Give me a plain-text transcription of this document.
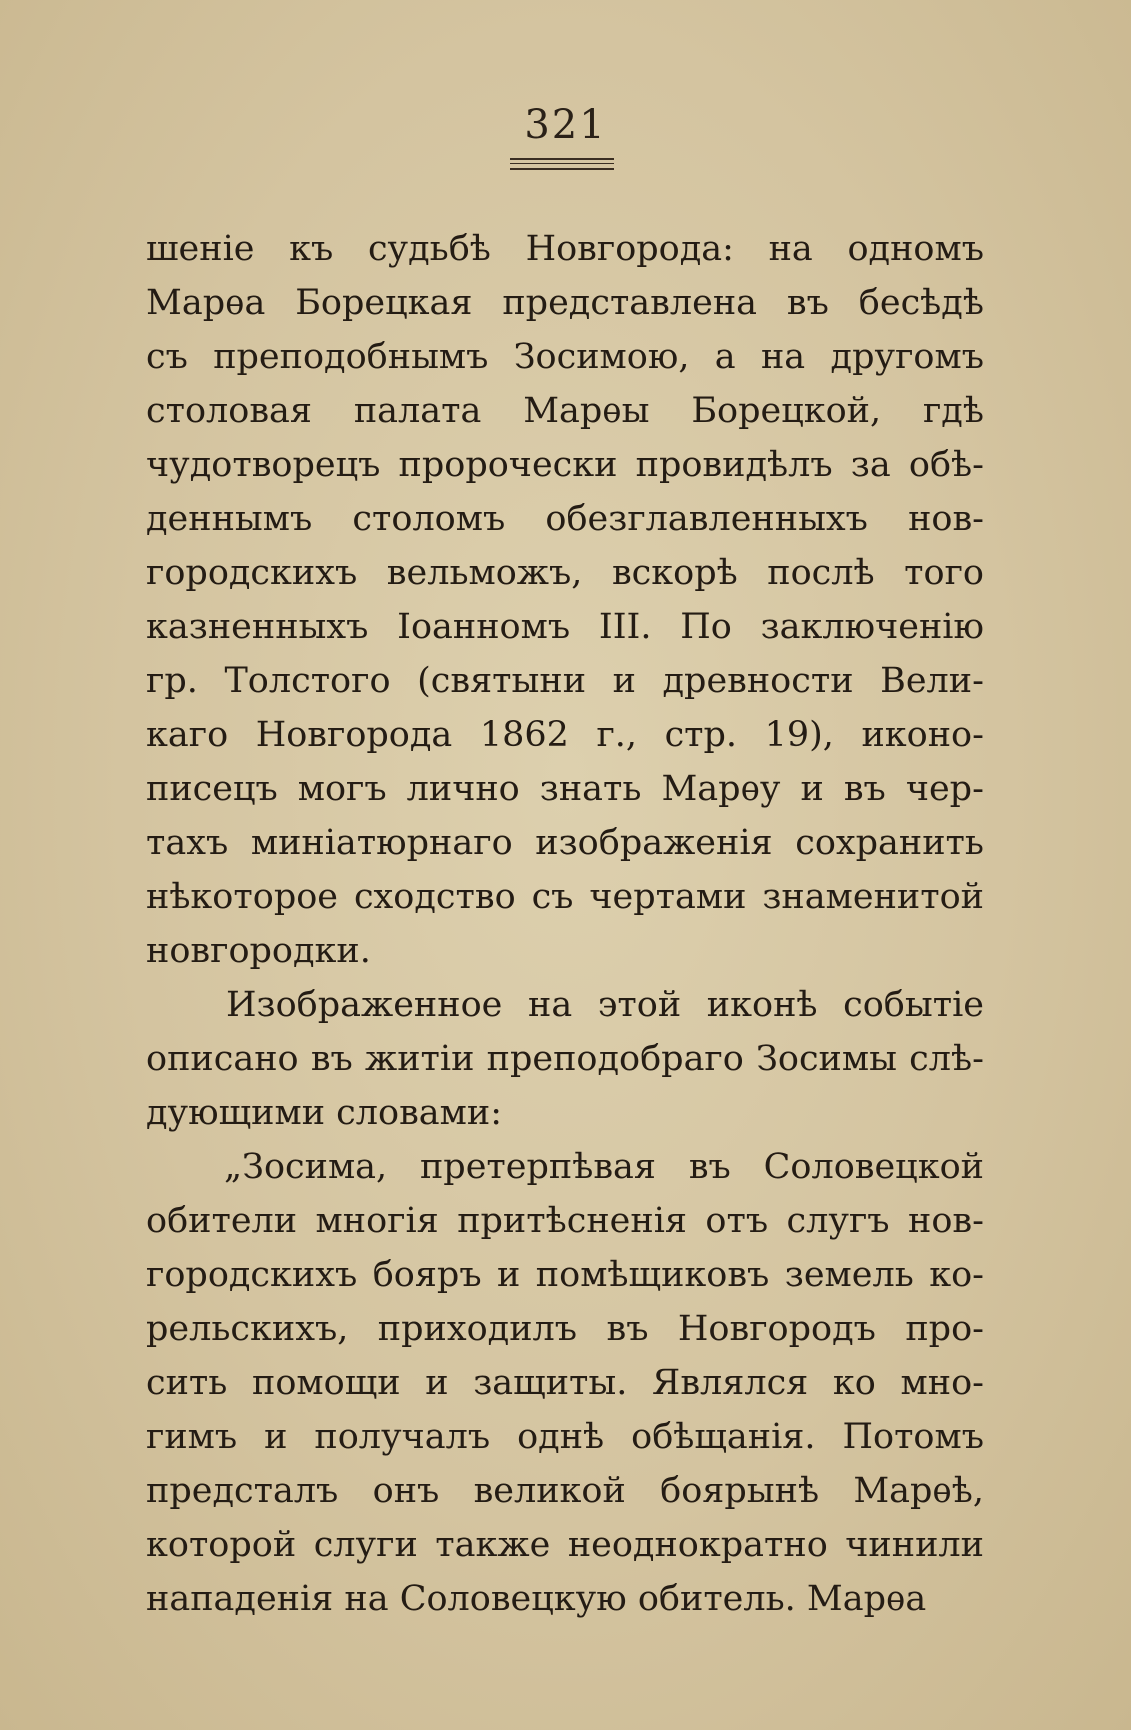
321
шеніе къ судьбѣ Новгорода: на одномъ
Марѳа Борецкая представлена въ бесѣдѣ
съ преподобнымъ Зосимою, а на другомъ
столовая палата Марѳы Борецкой, гдѣ
чудотворецъ пророчески провидѣлъ за обѣ-
деннымъ столомъ обезглавленныхъ нов-
городскихъ вельможъ, вскорѣ послѣ того
казненныхъ Іоанномъ III. По заключенію
гр. Толстого (святыни и древности Вели-
каго Новгорода 1862 г., стр. 19), иконо-
писецъ могъ лично знать Марѳу и въ чер-
тахъ миніатюрнаго изображенія сохранить
нѣкоторое сходство съ чертами знаменитой
новгородки.
Изображенное на этой иконѣ событіе
описано въ житіи преподобраго Зосимы слѣ-
дующими словами:
„Зосима, претерпѣвая въ Соловецкой
обители многія притѣсненія отъ слугъ нов-
городскихъ бояръ и помѣщиковъ земель ко-
рельскихъ, приходилъ въ Новгородъ про-
сить помощи и защиты. Являлся ко мно-
гимъ и получалъ однѣ обѣщанія. Потомъ
предсталъ онъ великой боярынѣ Марѳѣ,
которой слуги также неоднократно чинили
нападенія на Соловецкую обитель. Марѳа
